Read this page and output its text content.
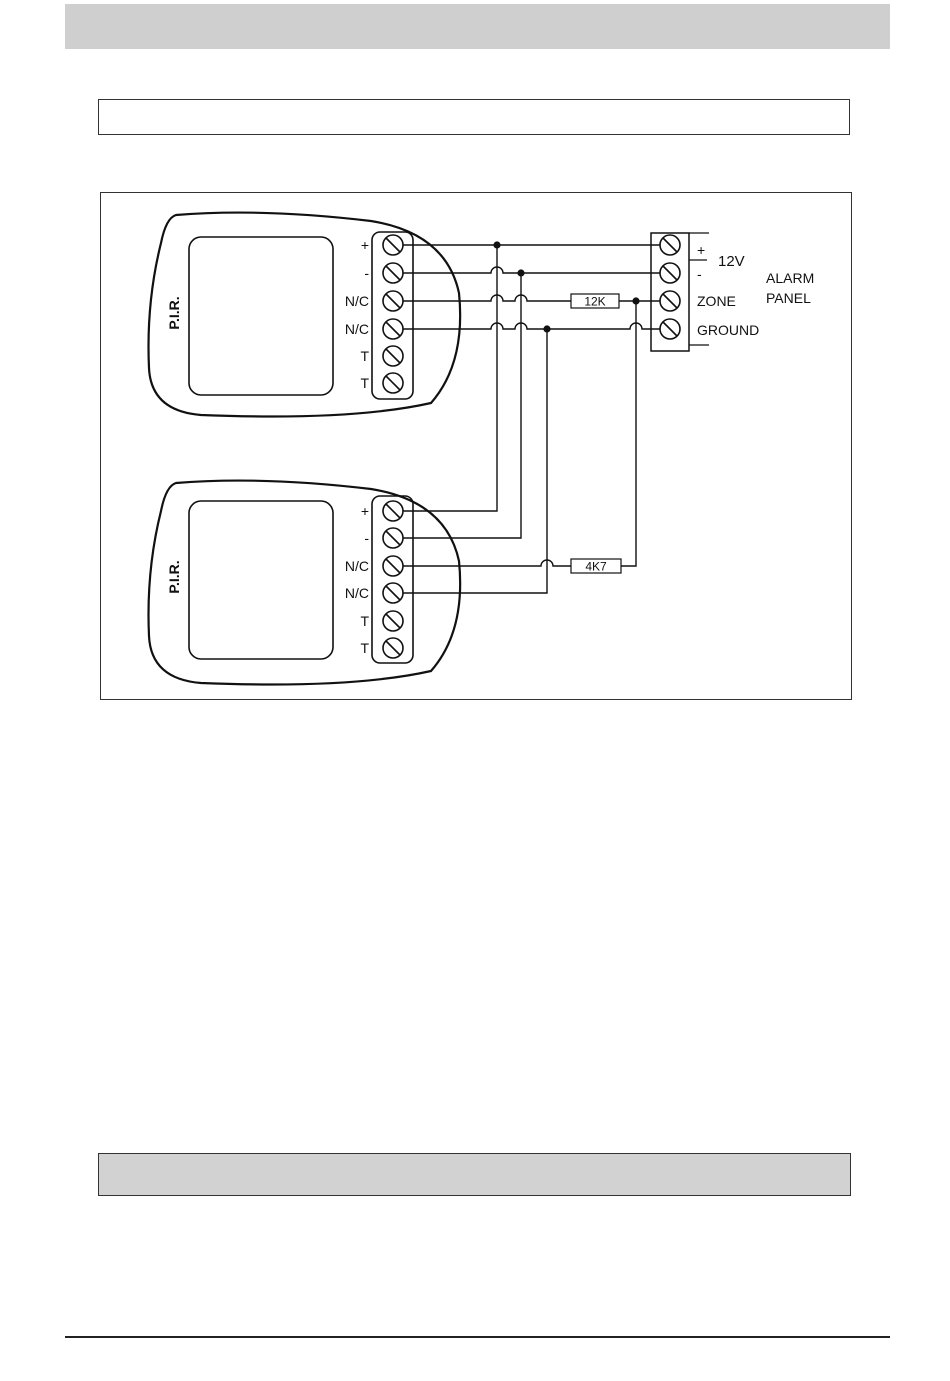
P.I.R.
+
-
N/C
N/C
T
T
P.I.R.
+
-
N/C
N/C
T
T
+
-
ZONE
GROUND
12V
ALARM
PANEL
12K
4K7
